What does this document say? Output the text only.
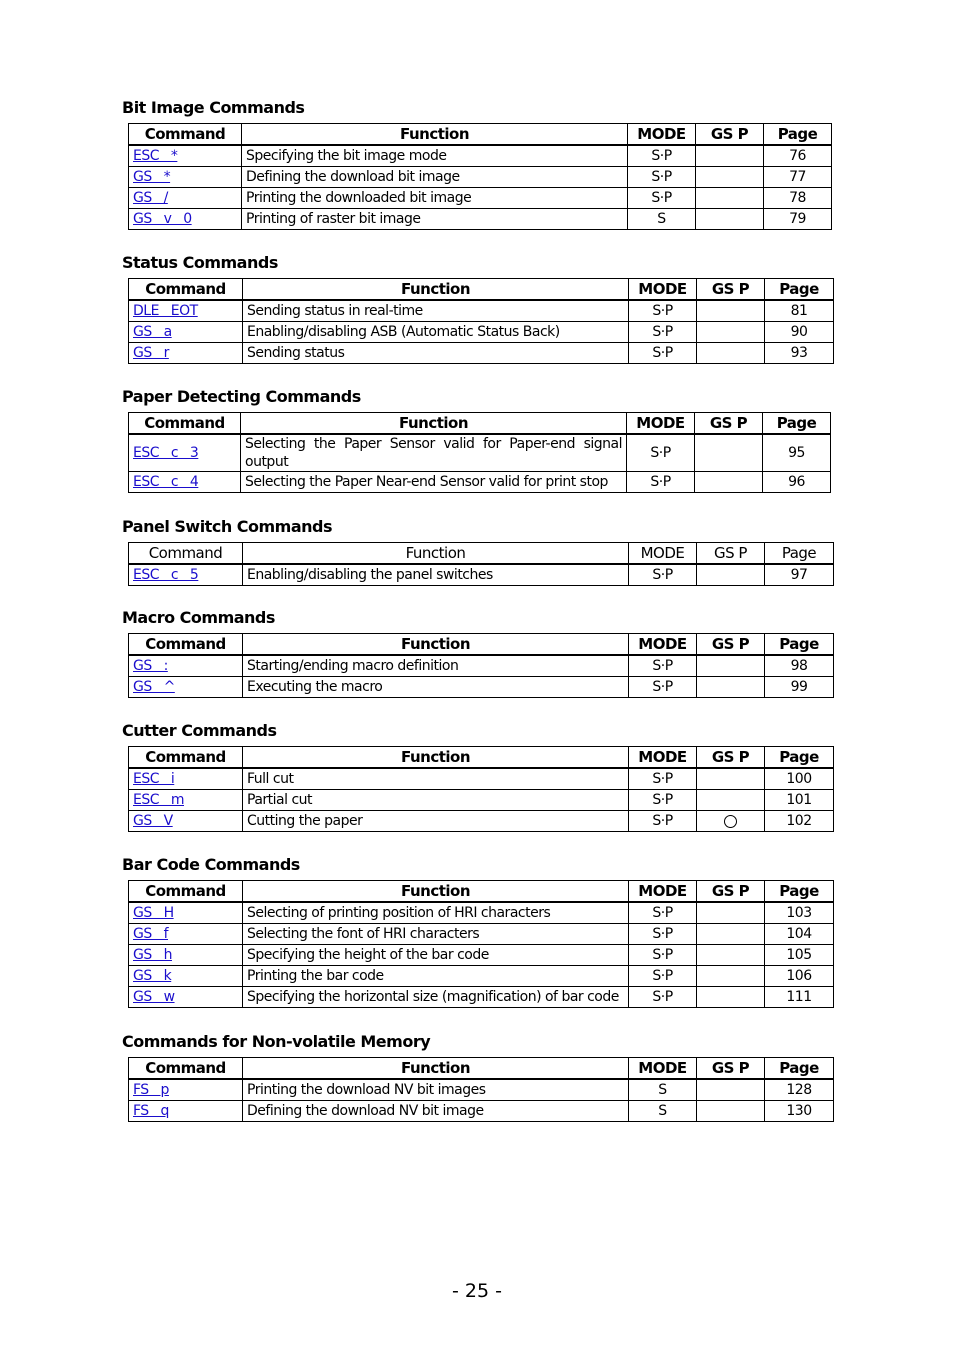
Bit Image Commands
Command	Function	MODE	GS P	Page
ESC   *	Specifying the bit image mode	S·P		76
GS   *	Defining the download bit image	S·P		77
GS   /	Printing the downloaded bit image	S·P		78
GS   v   0	Printing of raster bit image	S		79
Status Commands
Command	Function	MODE	GS P	Page
DLE   EOT	Sending status in real-time	S·P		81
GS   a	Enabling/disabling ASB (Automatic Status Back)	S·P		90
GS   r	Sending status	S·P		93
Paper Detecting Commands
Command	Function	MODE	GS P	Page
ESC   c   3	Selecting the Paper Sensor valid for Paper-end signal output	S·P		95
ESC   c   4	Selecting the Paper Near-end Sensor valid for print stop	S·P		96
Panel Switch Commands
Command	Function	MODE	GS P	Page
ESC   c   5	Enabling/disabling the panel switches	S·P		97
Macro Commands
Command	Function	MODE	GS P	Page
GS   :	Starting/ending macro definition	S·P		98
GS   ^	Executing the macro	S·P		99
Cutter Commands
Command	Function	MODE	GS P	Page
ESC   i	Full cut	S·P		100
ESC   m	Partial cut	S·P		101
GS   V	Cutting the paper	S·P		102
Bar Code Commands
Command	Function	MODE	GS P	Page
GS   H	Selecting of printing position of HRI characters	S·P		103
GS   f	Selecting the font of HRI characters	S·P		104
GS   h	Specifying the height of the bar code	S·P		105
GS   k	Printing the bar code	S·P		106
GS   w	Specifying the horizontal size (magnification) of bar code	S·P		111
Commands for Non-volatile Memory
Command	Function	MODE	GS P	Page
FS   p	Printing the download NV bit images	S		128
FS   q	Defining the download NV bit image	S		130
- 25 -
